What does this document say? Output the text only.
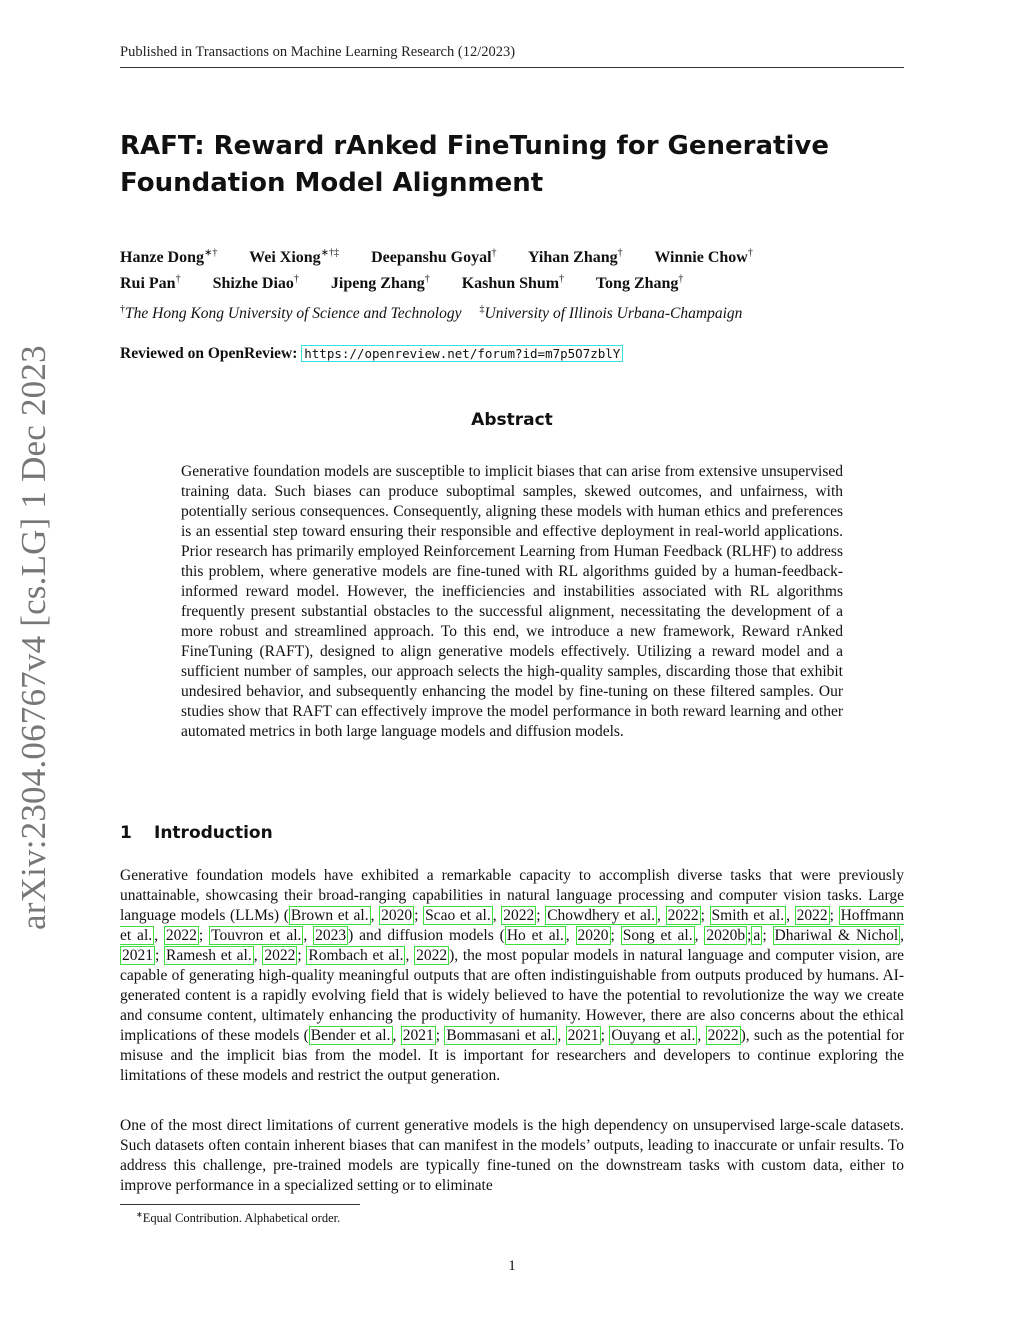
Published in Transactions on Machine Learning Research (12/2023)
arXiv:2304.06767v4 [cs.LG] 1 Dec 2023
RAFT: Reward rAnked FineTuning for Generative Foundation Model Alignment
Hanze Dong∗† Wei Xiong∗†‡ Deepanshu Goyal† Yihan Zhang† Winnie Chow†
Rui Pan† Shizhe Diao† Jipeng Zhang† Kashun Shum† Tong Zhang†
†The Hong Kong University of Science and Technology ‡University of Illinois Urbana-Champaign
Reviewed on OpenReview: https://openreview.net/forum?id=m7p5O7zblY
Abstract

Generative foundation models are susceptible to implicit biases that can arise from extensive unsupervised training data. Such biases can produce suboptimal samples, skewed outcomes, and unfairness, with potentially serious consequences. Consequently, aligning these models with human ethics and preferences is an essential step toward ensuring their responsible and effective deployment in real-world applications. Prior research has primarily employed Reinforcement Learning from Human Feedback (RLHF) to address this problem, where generative models are fine-tuned with RL algorithms guided by a human-feedback-informed reward model. However, the inefficiencies and instabilities associated with RL algorithms frequently present substantial obstacles to the successful alignment, necessitating the development of a more robust and streamlined approach. To this end, we introduce a new framework, Reward rAnked FineTuning (RAFT), designed to align generative models effectively. Utilizing a reward model and a sufficient number of samples, our approach selects the high-quality samples, discarding those that exhibit undesired behavior, and subsequently enhancing the model by fine-tuning on these filtered samples. Our studies show that RAFT can effectively improve the model performance in both reward learning and other automated metrics in both large language models and diffusion models.

1 Introduction

Generative foundation models have exhibited a remarkable capacity to accomplish diverse tasks that were previously unattainable, showcasing their broad-ranging capabilities in natural language processing and computer vision tasks. Large language models (LLMs) ( Brown et al. , 2020 ; Scao et al. , 2022 ; Chowdhery et al. , 2022 ; Smith et al. , 2022 ; Hoffmann et al. , 2022 ; Touvron et al. , 2023 ) and diffusion models ( Ho et al. , 2020 ; Song et al. , 2020b ; a ; Dhariwal & Nichol , 2021 ; Ramesh et al. , 2022 ; Rombach et al. , 2022 ), the most popular models in natural language and computer vision, are capable of generating high-quality meaningful outputs that are often indistinguishable from outputs produced by humans. AI-generated content is a rapidly evolving field that is widely believed to have the potential to revolutionize the way we create and consume content, ultimately enhancing the productivity of humanity. However, there are also concerns about the ethical implications of these models ( Bender et al. , 2021 ; Bommasani et al. , 2021 ; Ouyang et al. , 2022 ), such as the potential for misuse and the implicit bias from the model. It is important for researchers and developers to continue exploring the limitations of these models and restrict the output generation.

One of the most direct limitations of current generative models is the high dependency on unsupervised large-scale datasets. Such datasets often contain inherent biases that can manifest in the models’ outputs, leading to inaccurate or unfair results. To address this challenge, pre-trained models are typically fine-tuned on the downstream tasks with custom data, either to improve performance in a specialized setting or to eliminate

∗Equal Contribution. Alphabetical order.
1
